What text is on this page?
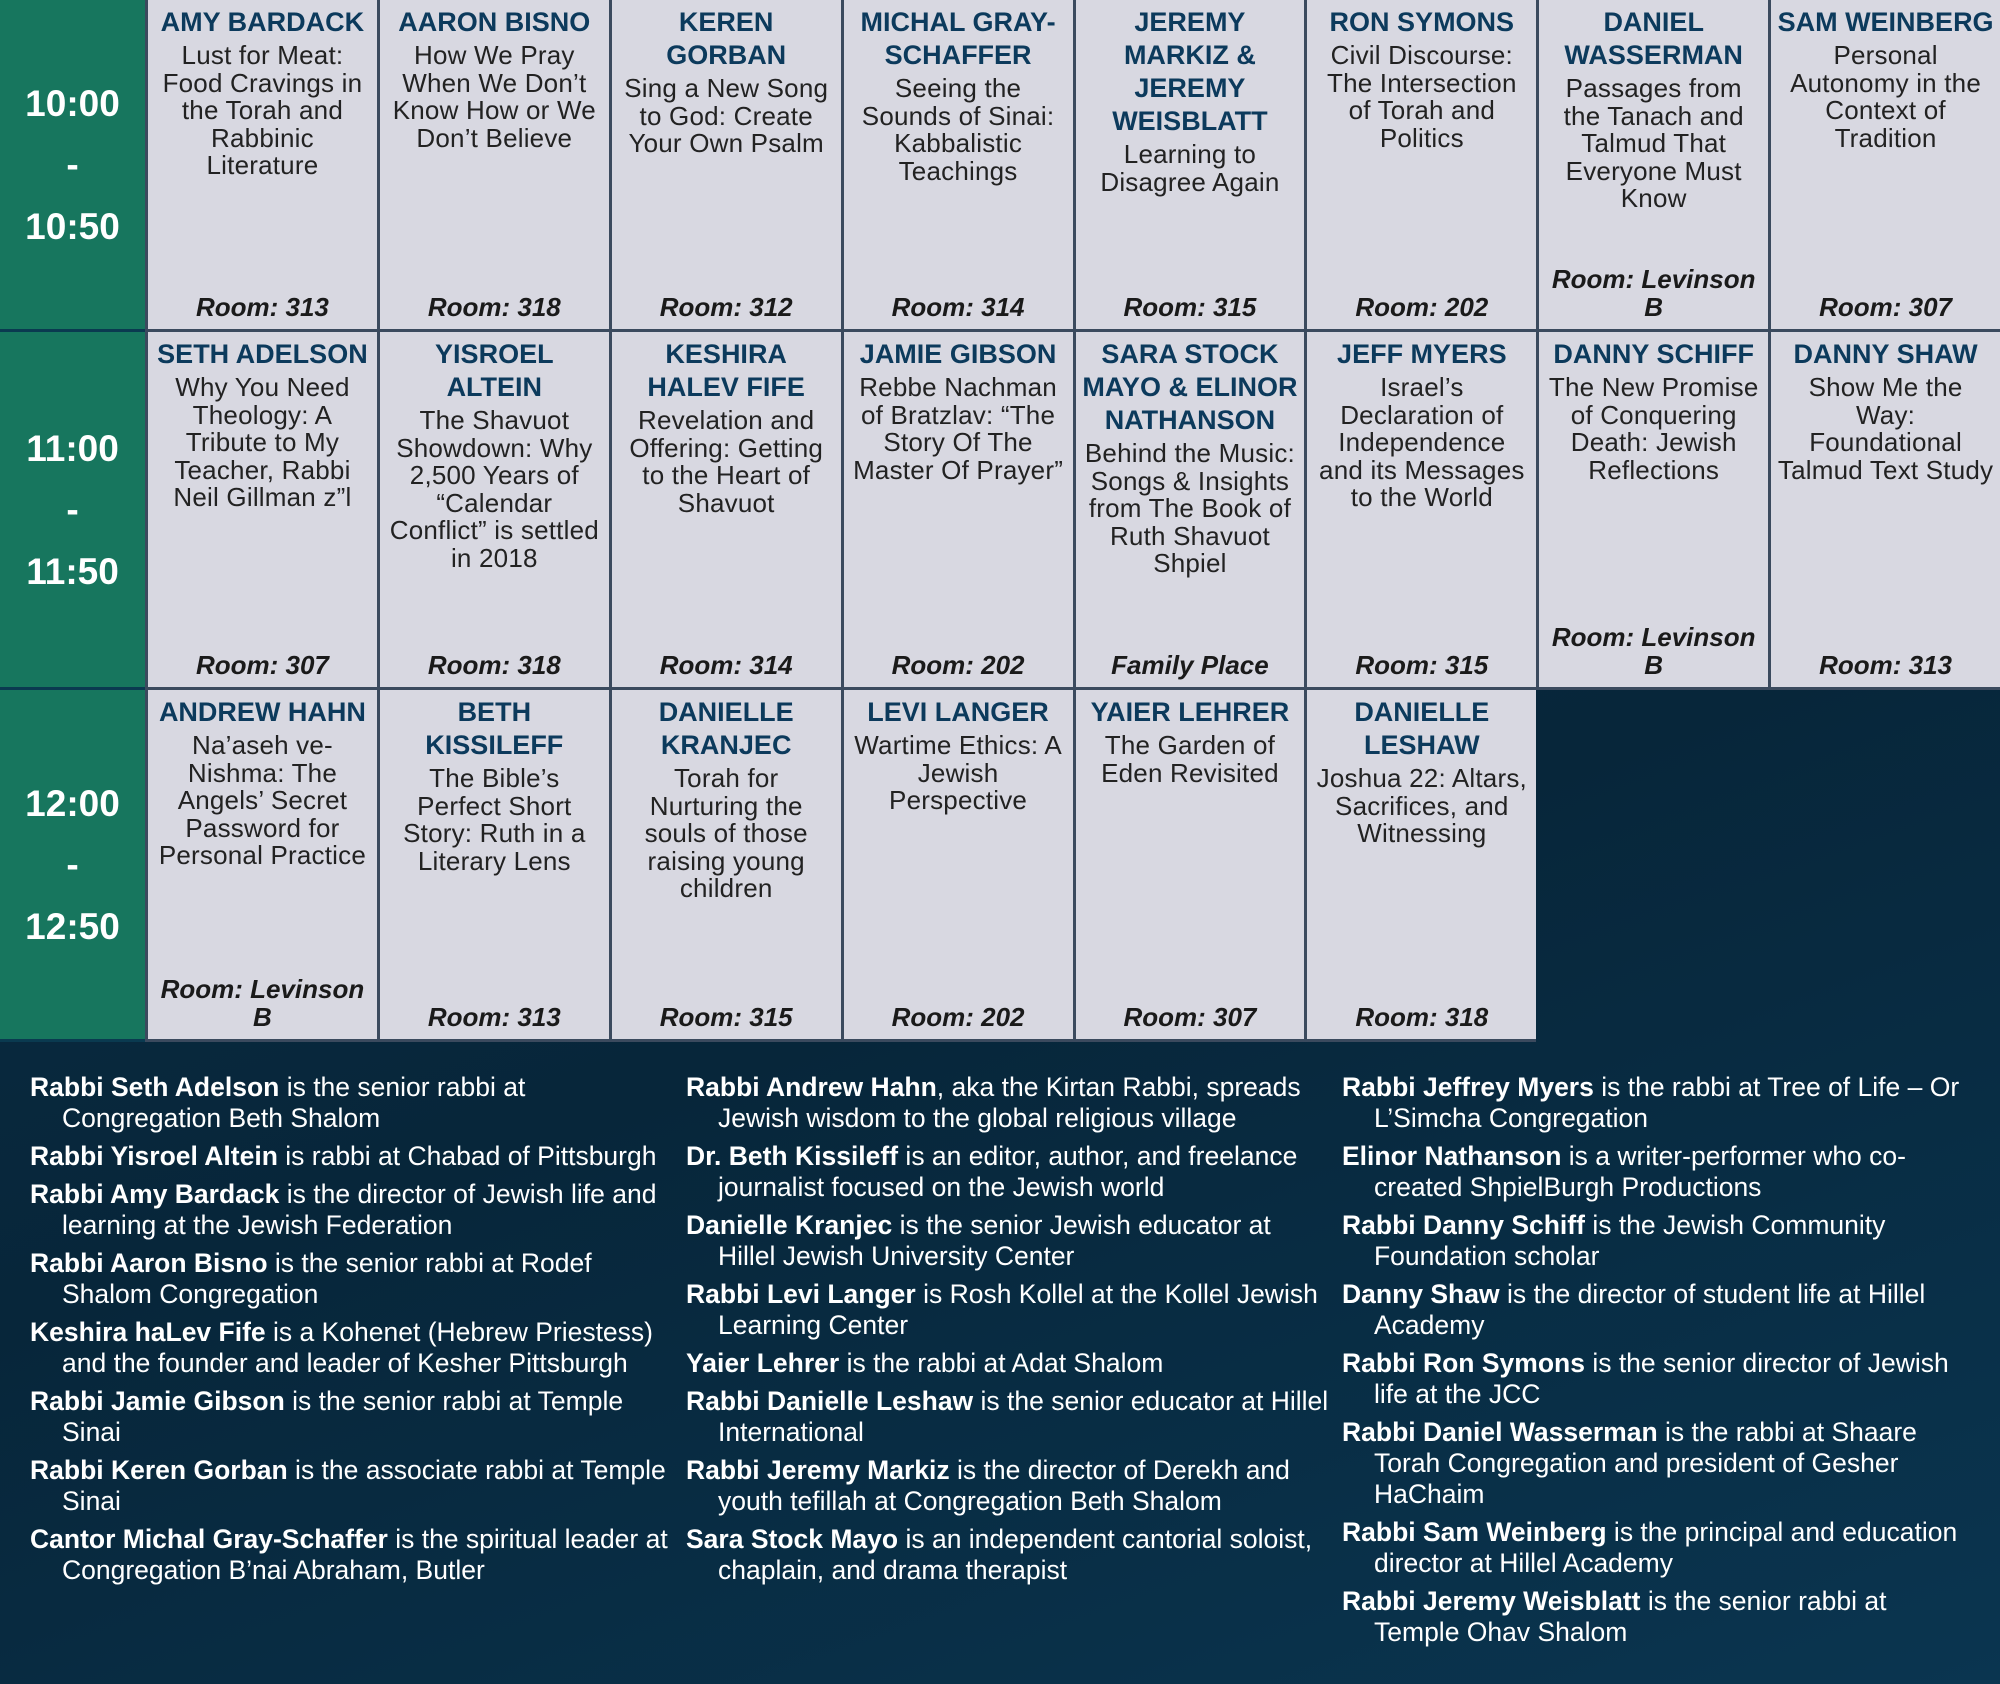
10:00
-
10:50
AMY BARDACK
Lust for Meat: Food Cravings in the Torah and Rabbinic Literature
Room: 313
AARON BISNO
How We Pray When We Don’t Know How or We Don’t Believe
Room: 318
KEREN GORBAN
Sing a New Song to God: Create Your Own Psalm
Room: 312
MICHAL GRAY-SCHAFFER
Seeing the Sounds of Sinai: Kabbalistic Teachings
Room: 314
JEREMY MARKIZ & JEREMY WEISBLATT
Learning to Disagree Again
Room: 315
RON SYMONS
Civil Discourse: The Intersection of Torah and Politics
Room: 202
DANIEL WASSERMAN
Passages from the Tanach and Talmud That Everyone Must Know
Room: Levinson B
SAM WEINBERG
Personal Autonomy in the Context of Tradition
Room: 307
11:00
-
11:50
SETH ADELSON
Why You Need Theology: A Tribute to My Teacher, Rabbi Neil Gillman z”l
Room: 307
YISROEL ALTEIN
The Shavuot Showdown: Why 2,500 Years of “Calendar Conflict” is settled in 2018
Room: 318
KESHIRA HALEV FIFE
Revelation and Offering: Getting to the Heart of Shavuot
Room: 314
JAMIE GIBSON
Rebbe Nachman of Bratzlav: “The Story Of The Master Of Prayer”
Room: 202
SARA STOCK MAYO & ELINOR NATHANSON
Behind the Music: Songs & Insights from The Book of Ruth Shavuot Shpiel
Family Place
JEFF MYERS
Israel’s Declaration of Independence and its Messages to the World
Room: 315
DANNY SCHIFF
The New Promise of Conquering Death: Jewish Reflections
Room: Levinson B
DANNY SHAW
Show Me the Way: Foundational Talmud Text Study
Room: 313
12:00
-
12:50
ANDREW HAHN
Na’aseh ve-Nishma: The Angels’ Secret Password for Personal Practice
Room: Levinson B
BETH KISSILEFF
The Bible’s Perfect Short Story: Ruth in a Literary Lens
Room: 313
DANIELLE KRANJEC
Torah for Nurturing the souls of those raising young children
Room: 315
LEVI LANGER
Wartime Ethics: A Jewish Perspective
Room: 202
YAIER LEHRER
The Garden of Eden Revisited
Room: 307
DANIELLE LESHAW
Joshua 22: Altars, Sacrifices, and Witnessing
Room: 318
Rabbi Seth Adelson is the senior rabbi at Congregation Beth Shalom
Rabbi Yisroel Altein is rabbi at Chabad of Pittsburgh
Rabbi Amy Bardack is the director of Jewish life and learning at the Jewish Federation
Rabbi Aaron Bisno is the senior rabbi at Rodef Shalom Congregation
Keshira haLev Fife is a Kohenet (Hebrew Priestess) and the founder and leader of Kesher Pittsburgh
Rabbi Jamie Gibson is the senior rabbi at Temple Sinai
Rabbi Keren Gorban is the associate rabbi at Temple Sinai
Cantor Michal Gray-Schaffer is the spiritual leader at Congregation B’nai Abraham, Butler
Rabbi Andrew Hahn, aka the Kirtan Rabbi, spreads Jewish wisdom to the global religious village
Dr. Beth Kissileff is an editor, author, and freelance journalist focused on the Jewish world
Danielle Kranjec is the senior Jewish educator at Hillel Jewish University Center
Rabbi Levi Langer is Rosh Kollel at the Kollel Jewish Learning Center
Yaier Lehrer is the rabbi at Adat Shalom
Rabbi Danielle Leshaw is the senior educator at Hillel International
Rabbi Jeremy Markiz is the director of Derekh and youth tefillah at Congregation Beth Shalom
Sara Stock Mayo is an independent cantorial soloist, chaplain, and drama therapist
Rabbi Jeffrey Myers is the rabbi at Tree of Life – Or L’Simcha Congregation
Elinor Nathanson is a writer-performer who co-created ShpielBurgh Productions
Rabbi Danny Schiff is the Jewish Community Foundation scholar
Danny Shaw is the director of student life at Hillel Academy
Rabbi Ron Symons is the senior director of Jewish life at the JCC
Rabbi Daniel Wasserman is the rabbi at Shaare Torah Congregation and president of Gesher HaChaim
Rabbi Sam Weinberg is the principal and education director at Hillel Academy
Rabbi Jeremy Weisblatt is the senior rabbi at Temple Ohav Shalom
